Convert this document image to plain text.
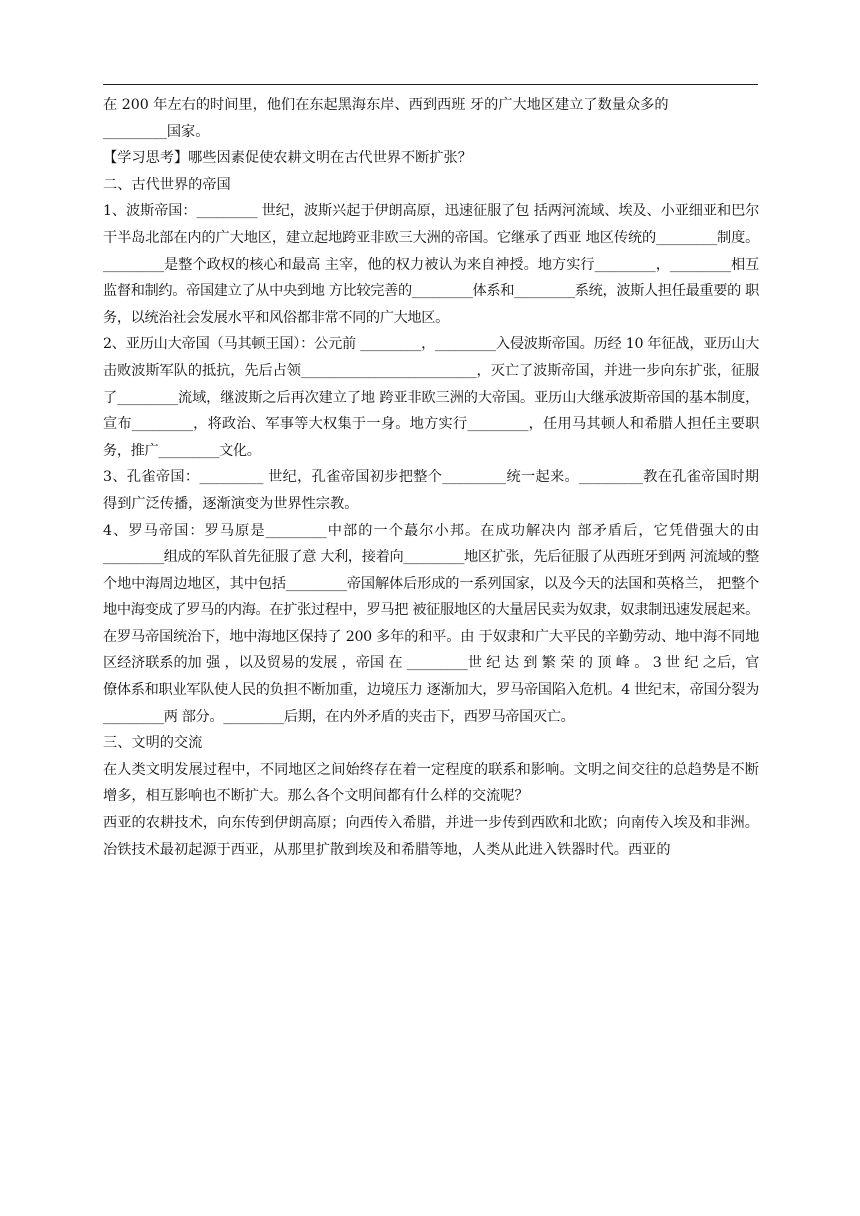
在 200 年左右的时间里，他们在东起黑海东岸、西到西班 牙的广大地区建立了数量众多的

_________国家。

【学习思考】哪些因素促使农耕文明在古代世界不断扩张？

二、古代世界的帝国

1、波斯帝国：_________ 世纪，波斯兴起于伊朗高原，迅速征服了包 括两河流域、埃及、小亚细亚和巴尔干半岛北部在内的广大地区，建立起地跨亚非欧三大洲的帝国。它继承了西亚 地区传统的_________制度。_________是整个政权的核心和最高 主宰，他的权力被认为来自神授。地方实行_________，_________相互监督和制约。帝国建立了从中央到地 方比较完善的_________体系和_________系统，波斯人担任最重要的 职务，以统治社会发展水平和风俗都非常不同的广大地区。

2、亚历山大帝国（马其顿王国）：公元前 _________，_________入侵波斯帝国。历经 10 年征战，亚历山大击败波斯军队的抵抗，先后占领__________________________，灭亡了波斯帝国，并进一步向东扩张，征服了_________流域，继波斯之后再次建立了地 跨亚非欧三洲的大帝国。亚历山大继承波斯帝国的基本制度， 宣布_________，将政治、军事等大权集于一身。地方实行_________，任用马其顿人和希腊人担任主要职务，推广_________文化。

3、孔雀帝国：_________ 世纪，孔雀帝国初步把整个_________统一起来。_________教在孔雀帝国时期得到广泛传播，逐渐演变为世界性宗教。

4、罗马帝国：罗马原是_________中部的一个蕞尔小邦。在成功解决内 部矛盾后，它凭借强大的由_________组成的军队首先征服了意 大利，接着向_________地区扩张，先后征服了从西班牙到两 河流域的整个地中海周边地区，其中包括_________帝国解体后形成的一系列国家，以及今天的法国和英格兰， 把整个地中海变成了罗马的内海。在扩张过程中，罗马把 被征服地区的大量居民卖为奴隶，奴隶制迅速发展起来。在罗马帝国统治下，地中海地区保持了 200 多年的和平。由 于奴隶和广大平民的辛勤劳动、地中海不同地区经济联系的加 强 ，以及贸易的发展 ，帝国 在 _________世 纪 达 到 繁 荣 的 顶 峰 。 3 世 纪 之后，官僚体系和职业军队使人民的负担不断加重，边境压力 逐渐加大，罗马帝国陷入危机。4 世纪末，帝国分裂为_________两 部分。_________后期，在内外矛盾的夹击下，西罗马帝国灭亡。

三、文明的交流

在人类文明发展过程中，不同地区之间始终存在着一定程度的联系和影响。文明之间交往的总趋势是不断增多，相互影响也不断扩大。那么各个文明间都有什么样的交流呢？

西亚的农耕技术，向东传到伊朗高原；向西传入希腊，并进一步传到西欧和北欧；向南传入埃及和非洲。冶铁技术最初起源于西亚，从那里扩散到埃及和希腊等地，人类从此进入铁器时代。西亚的
